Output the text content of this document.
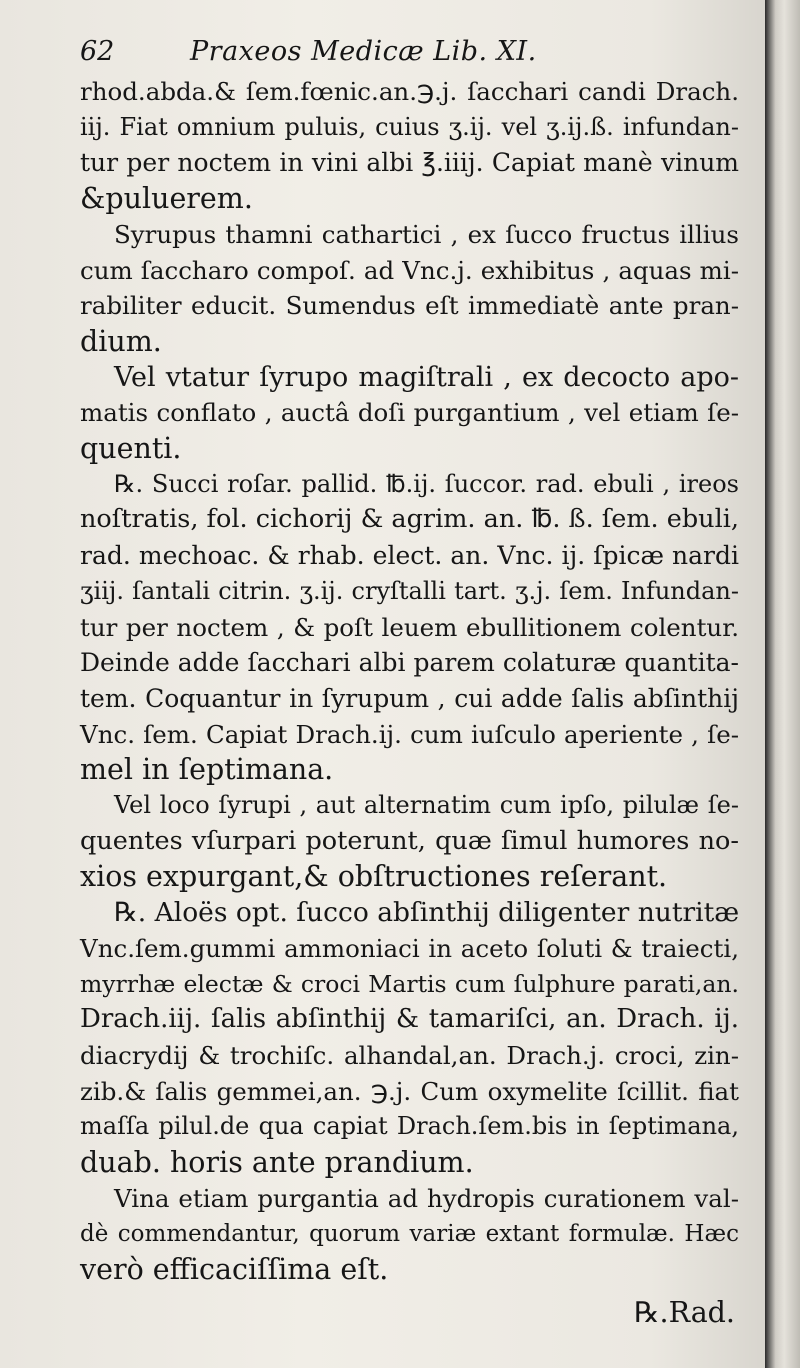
62	Praxeos Medicæ Lib. XI.

rhod.abda.& ſem.fœnic.an.℈.j. ſacchari candi Drach.
iij. Fiat omnium puluis, cuius ʒ.ij. vel ʒ.ij.ß. infundan-
tur per noctem in vini albi ℥.iiij. Capiat manè vinum
&puluerem.

Syrupus thamni cathartici , ex ſucco fructus illius
cum ſaccharo compoſ. ad Vnc.j. exhibitus , aquas mi-
rabiliter educit. Sumendus eſt immediatè ante pran-
dium.

Vel vtatur ſyrupo magiſtrali , ex decocto apo-
matis conflato , auctâ doſi purgantium , vel etiam ſe-
quenti.

℞. Succi roſar. pallid. ℔.ij. ſuccor. rad. ebuli , ireos
noſtratis, fol. cichorij & agrim. an. ℔. ß. ſem. ebuli,
rad. mechoac. & rhab. elect. an. Vnc. ij. ſpicæ nardi
ʒiij. ſantali citrin. ʒ.ij. cryſtalli tart. ʒ.j. ſem. Infundan-
tur per noctem , & poſt leuem ebullitionem colentur.
Deinde adde ſacchari albi parem colaturæ quantita-
tem. Coquantur in ſyrupum , cui adde ſalis abſinthij
Vnc. ſem. Capiat Drach.ij. cum iuſculo aperiente , ſe-
mel in ſeptimana.

Vel loco ſyrupi , aut alternatim cum ipſo, pilulæ ſe-
quentes vſurpari poterunt, quæ ſimul humores no-
xios expurgant,& obſtructiones reſerant.

℞. Aloës opt. ſucco abſinthij diligenter nutritæ
Vnc.ſem.gummi ammoniaci in aceto ſoluti & traiecti,
myrrhæ electæ & croci Martis cum ſulphure parati,an.
Drach.iij. ſalis abſinthij & tamariſci, an. Drach. ij.
diacrydij & trochiſc. alhandal,an. Drach.j. croci, zin-
zib.& ſalis gemmei,an. ℈.j. Cum oxymelite ſcillit. fiat
maſſa pilul.de qua capiat Drach.ſem.bis in ſeptimana,
duab. horis ante prandium.

Vina etiam purgantia ad hydropis curationem val-
dè commendantur, quorum variæ extant formulæ. Hæc
verò efficaciſſima eſt.

℞.Rad.
